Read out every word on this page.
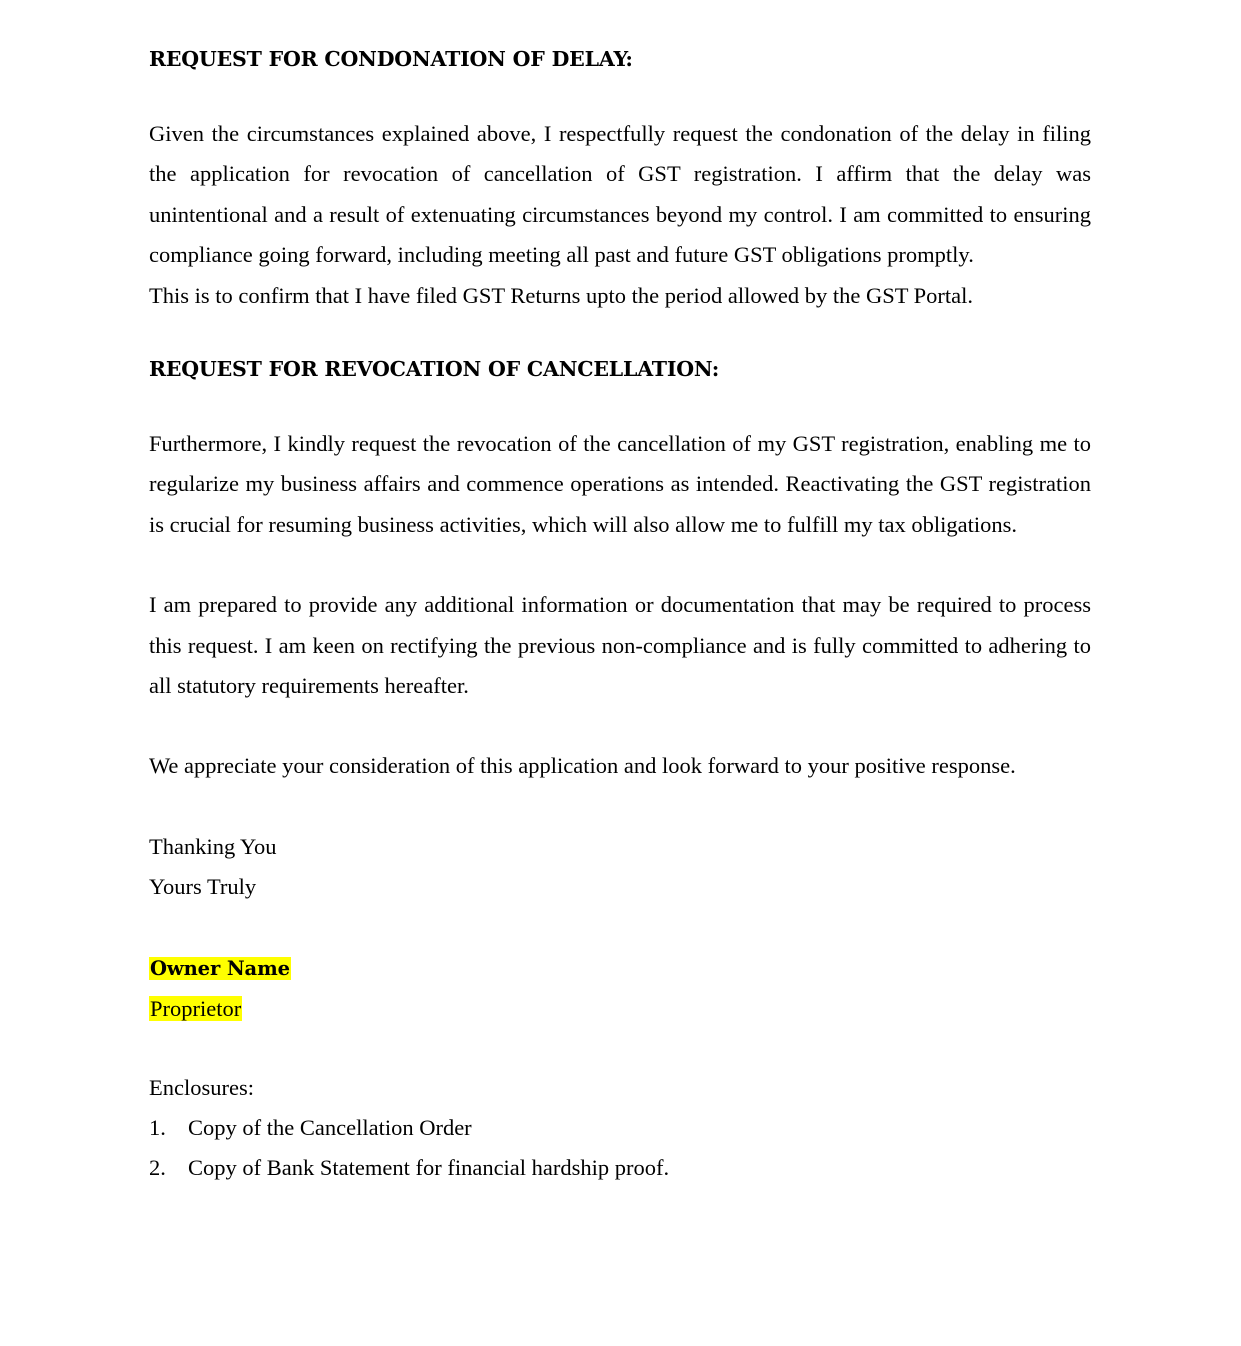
REQUEST FOR CONDONATION OF DELAY:

Given the circumstances explained above, I respectfully request the condonation of the delay in filing the application for revocation of cancellation of GST registration. I affirm that the delay was unintentional and a result of extenuating circumstances beyond my control. I am committed to ensuring compliance going forward, including meeting all past and future GST obligations promptly.

This is to confirm that I have filed GST Returns upto the period allowed by the GST Portal.

REQUEST FOR REVOCATION OF CANCELLATION:

Furthermore, I kindly request the revocation of the cancellation of my GST registration, enabling me to regularize my business affairs and commence operations as intended. Reactivating the GST registration is crucial for resuming business activities, which will also allow me to fulfill my tax obligations.

I am prepared to provide any additional information or documentation that may be required to process this request. I am keen on rectifying the previous non-compliance and is fully committed to adhering to all statutory requirements hereafter.

We appreciate your consideration of this application and look forward to your positive response.

Thanking You

Yours Truly

Owner Name

Proprietor

Enclosures:

1. Copy of the Cancellation Order
2. Copy of Bank Statement for financial hardship proof.
